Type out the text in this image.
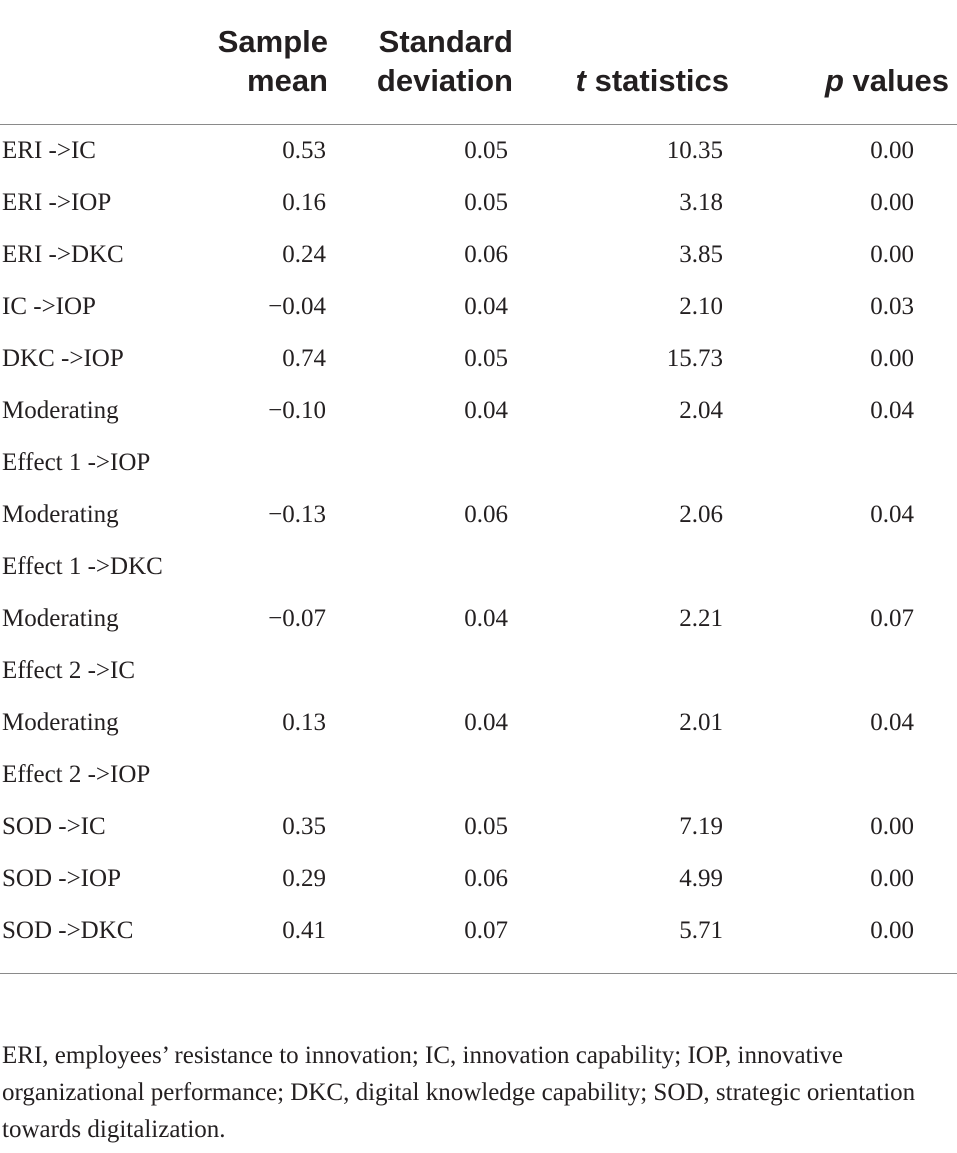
	Sample mean	Standard deviation	t statistics	p values
ERI ->IC	0.53	0.05	10.35	0.00
ERI ->IOP	0.16	0.05	3.18	0.00
ERI ->DKC	0.24	0.06	3.85	0.00
IC ->IOP	−0.04	0.04	2.10	0.03
DKC ->IOP	0.74	0.05	15.73	0.00
Moderating
Effect 1 ->IOP	−0.10	0.04	2.04	0.04
Moderating
Effect 1 ->DKC	−0.13	0.06	2.06	0.04
Moderating
Effect 2 ->IC	−0.07	0.04	2.21	0.07
Moderating
Effect 2 ->IOP	0.13	0.04	2.01	0.04
SOD ->IC	0.35	0.05	7.19	0.00
SOD ->IOP	0.29	0.06	4.99	0.00
SOD ->DKC	0.41	0.07	5.71	0.00
ERI, employees’ resistance to innovation; IC, innovation capability; IOP, innovative organizational performance; DKC, digital knowledge capability; SOD, strategic orientation towards digitalization.
